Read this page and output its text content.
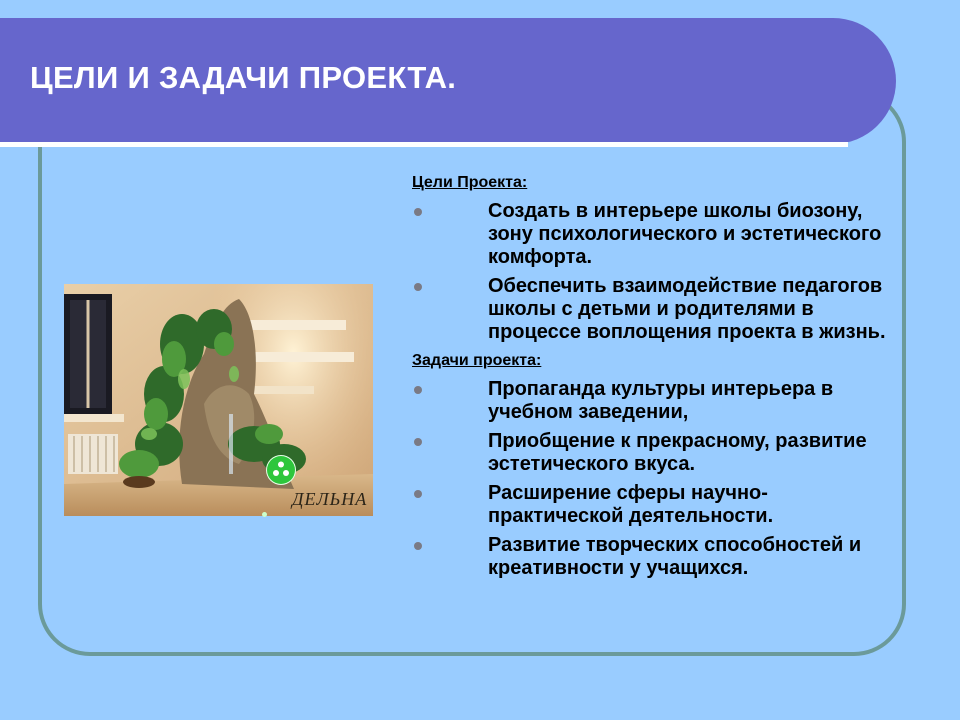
ЦЕЛИ И ЗАДАЧИ ПРОЕКТА.
ДЕЛЬНА

Цели Проекта:

Создать в интерьере школы биозону, зону психологического и эстетического комфорта.
Обеспечить взаимодействие педагогов школы с детьми и родителями в процессе воплощения проекта в жизнь.

Задачи проекта:

Пропаганда культуры интерьера в учебном заведении,
Приобщение к прекрасному, развитие эстетического вкуса.
Расширение сферы научно-практической деятельности.
Развитие творческих способностей и креативности у учащихся.
